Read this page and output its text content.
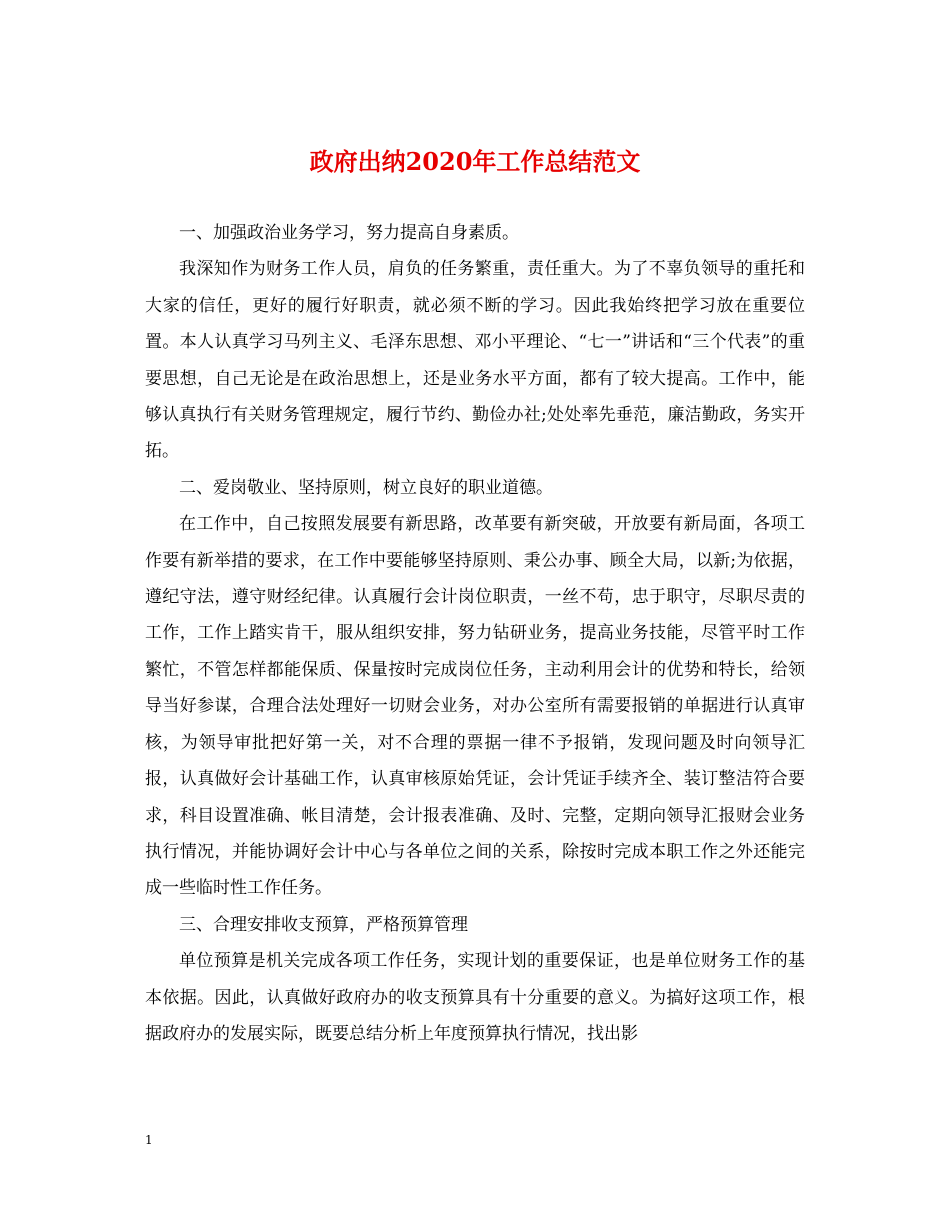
政府出纳2020年工作总结范文

一、加强政治业务学习，努力提高自身素质。

我深知作为财务工作人员，肩负的任务繁重，责任重大。为了不辜负领导的重托和大家的信任，更好的履行好职责，就必须不断的学习。因此我始终把学习放在重要位置。本人认真学习马列主义、毛泽东思想、邓小平理论、“七一”讲话和“三个代表”的重要思想，自己无论是在政治思想上，还是业务水平方面，都有了较大提高。工作中，能够认真执行有关财务管理规定，履行节约、勤俭办社;处处率先垂范，廉洁勤政，务实开拓。

二、爱岗敬业、坚持原则，树立良好的职业道德。

在工作中，自己按照发展要有新思路，改革要有新突破，开放要有新局面，各项工作要有新举措的要求，在工作中要能够坚持原则、秉公办事、顾全大局，以新;为依据，遵纪守法，遵守财经纪律。认真履行会计岗位职责，一丝不苟，忠于职守，尽职尽责的工作，工作上踏实肯干，服从组织安排，努力钻研业务，提高业务技能，尽管平时工作繁忙，不管怎样都能保质、保量按时完成岗位任务，主动利用会计的优势和特长，给领导当好参谋，合理合法处理好一切财会业务，对办公室所有需要报销的单据进行认真审核，为领导审批把好第一关，对不合理的票据一律不予报销，发现问题及时向领导汇报，认真做好会计基础工作，认真审核原始凭证，会计凭证手续齐全、装订整洁符合要求，科目设置准确、帐目清楚，会计报表准确、及时、完整，定期向领导汇报财会业务执行情况，并能协调好会计中心与各单位之间的关系，除按时完成本职工作之外还能完成一些临时性工作任务。

三、合理安排收支预算，严格预算管理

单位预算是机关完成各项工作任务，实现计划的重要保证，也是单位财务工作的基本依据。因此，认真做好政府办的收支预算具有十分重要的意义。为搞好这项工作，根据政府办的发展实际，既要总结分析上年度预算执行情况，找出影

1
